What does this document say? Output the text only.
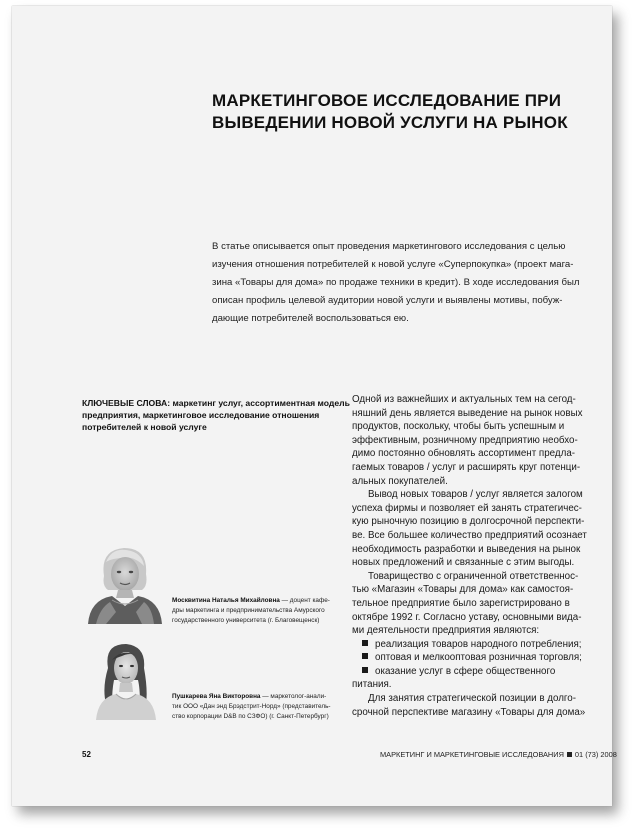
МАРКЕТИНГОВОЕ ИССЛЕДОВАНИЕ ПРИ
ВЫВЕДЕНИИ НОВОЙ УСЛУГИ НА РЫНОК
В статье описывается опыт проведения маркетингового исследования с целью
изучения отношения потребителей к новой услуге «Суперпокупка» (проект мага-
зина «Товары для дома» по продаже техники в кредит). В ходе исследования был
описан профиль целевой аудитории новой услуги и выявлены мотивы, побуж-
дающие потребителей воспользоваться ею.
КЛЮЧЕВЫЕ СЛОВА: маркетинг услуг, ассортиментная модель
предприятия, маркетинговое исследование отношения
потребителей к новой услуге
Москвитина Наталья Михайловна — доцент кафе-
дры маркетинга и предпринимательства Амурского
государственного университета (г. Благовещенск)
Пушкарева Яна Викторовна — маркетолог-анали-
тик ООО «Дан энд Брэдстрит-Норд» (представитель-
ство корпорации D&B по СЗФО) (г. Санкт-Петербург)
Одной из важнейших и актуальных тем на сегод-
няшний день является выведение на рынок новых
продуктов, поскольку, чтобы быть успешным и
эффективным, розничному предприятию необхо-
димо постоянно обновлять ассортимент предла-
гаемых товаров / услуг и расширять круг потенци-
альных покупателей.
Вывод новых товаров / услуг является залогом
успеха фирмы и позволяет ей занять стратегичес-
кую рыночную позицию в долгосрочной перспекти-
ве. Все большее количество предприятий осознает
необходимость разработки и выведения на рынок
новых предложений и связанные с этим выгоды.
Товарищество с ограниченной ответственнос-
тью «Магазин «Товары для дома» как самостоя-
тельное предприятие было зарегистрировано в
октябре 1992 г. Согласно уставу, основными вида-
ми деятельности предприятия являются:
реализация товаров народного потребления;
оптовая и мелкооптовая розничная торговля;
оказание услуг в сфере общественного
питания.
Для занятия стратегической позиции в долго-
срочной перспективе магазину «Товары для дома»
52	МАРКЕТИНГ И МАРКЕТИНГОВЫЕ ИССЛЕДОВАНИЯ 01 (73) 2008
